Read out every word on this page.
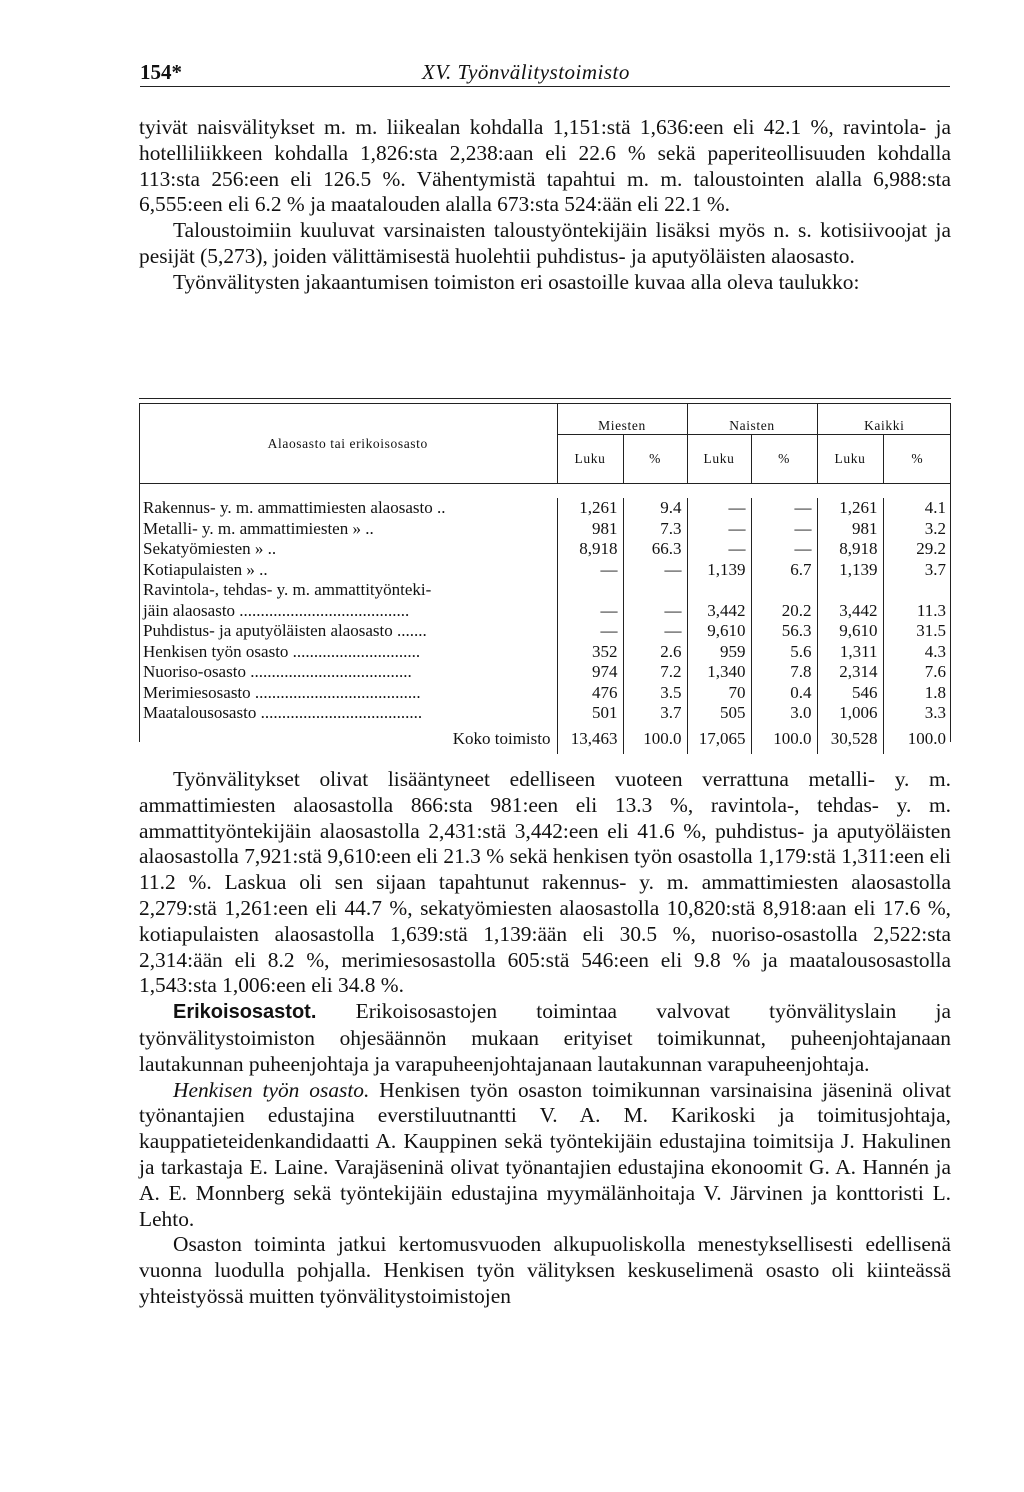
154*	XV. Työnvälitystoimisto

tyivät naisvälitykset m. m. liikealan kohdalla 1,151:stä 1,636:een eli 42.1 %, ravintola- ja hotelliliikkeen kohdalla 1,826:sta 2,238:aan eli 22.6 % sekä paperiteollisuuden kohdalla 113:sta 256:een eli 126.5 %. Vähentymistä tapahtui m. m. taloustointen alalla 6,988:sta 6,555:een eli 6.2 % ja maatalouden alalla 673:sta 524:ään eli 22.1 %.

Taloustoimiin kuuluvat varsinaisten taloustyöntekijäin lisäksi myös n. s. kotisiivoojat ja pesijät (5,273), joiden välittämisestä huolehtii puhdistus- ja aputyöläisten alaosasto.

Työnvälitysten jakaantumisen toimiston eri osastoille kuvaa alla oleva taulukko:

Alaosasto tai erikoisosasto	Miesten		Naisten		Kaikki	
	Luku	%	Luku	%	Luku	%

Rakennus- y. m. ammattimiesten alaosasto ..	1,261	9.4	—	—	1,261	4.1
Metalli- y. m. ammattimiesten » ..	981	7.3	—	—	981	3.2
Sekatyömiesten » ..	8,918	66.3	—	—	8,918	29.2
Kotiapulaisten » ..	—	—	1,139	6.7	1,139	3.7
Ravintola-, tehdas- y. m. ammattityönteki-						
jäin alaosasto ........................................	—	—	3,442	20.2	3,442	11.3
Puhdistus- ja aputyöläisten alaosasto .......	—	—	9,610	56.3	9,610	31.5
Henkisen työn osasto ..............................	352	2.6	959	5.6	1,311	4.3
Nuoriso-osasto ......................................	974	7.2	1,340	7.8	2,314	7.6
Merimiesosasto .......................................	476	3.5	70	0.4	546	1.8
Maatalousosasto ......................................	501	3.7	505	3.0	1,006	3.3
Koko toimisto	13,463	100.0	17,065	100.0	30,528	100.0

Työnvälitykset olivat lisääntyneet edelliseen vuoteen verrattuna metalli- y. m. ammattimiesten alaosastolla 866:sta 981:een eli 13.3 %, ravintola-, tehdas- y. m. ammattityöntekijäin alaosastolla 2,431:stä 3,442:een eli 41.6 %, puhdistus- ja aputyöläisten alaosastolla 7,921:stä 9,610:een eli 21.3 % sekä henkisen työn osastolla 1,179:stä 1,311:een eli 11.2 %. Laskua oli sen sijaan tapahtunut rakennus- y. m. ammattimiesten alaosastolla 2,279:stä 1,261:een eli 44.7 %, sekatyömiesten alaosastolla 10,820:stä 8,918:aan eli 17.6 %, kotiapulaisten alaosastolla 1,639:stä 1,139:ään eli 30.5 %, nuoriso-osastolla 2,522:sta 2,314:ään eli 8.2 %, merimiesosastolla 605:stä 546:een eli 9.8 % ja maatalousosastolla 1,543:sta 1,006:een eli 34.8 %.

Erikoisosastot. Erikoisosastojen toimintaa valvovat työnvälityslain ja työnvälitystoimiston ohjesäännön mukaan erityiset toimikunnat, puheenjohtajanaan lautakunnan puheenjohtaja ja varapuheenjohtajanaan lautakunnan varapuheenjohtaja.

Henkisen työn osasto. Henkisen työn osaston toimikunnan varsinaisina jäseninä olivat työnantajien edustajina everstiluutnantti V. A. M. Karikoski ja toimitusjohtaja, kauppatieteidenkandidaatti A. Kauppinen sekä työntekijäin edustajina toimitsija J. Hakulinen ja tarkastaja E. Laine. Varajäseninä olivat työnantajien edustajina ekonoomit G. A. Hannén ja A. E. Monnberg sekä työntekijäin edustajina myymälänhoitaja V. Järvinen ja konttoristi L. Lehto.

Osaston toiminta jatkui kertomusvuoden alkupuoliskolla menestyksellisesti edellisenä vuonna luodulla pohjalla. Henkisen työn välityksen keskuselimenä osasto oli kiinteässä yhteistyössä muitten työnvälitystoimistojen
